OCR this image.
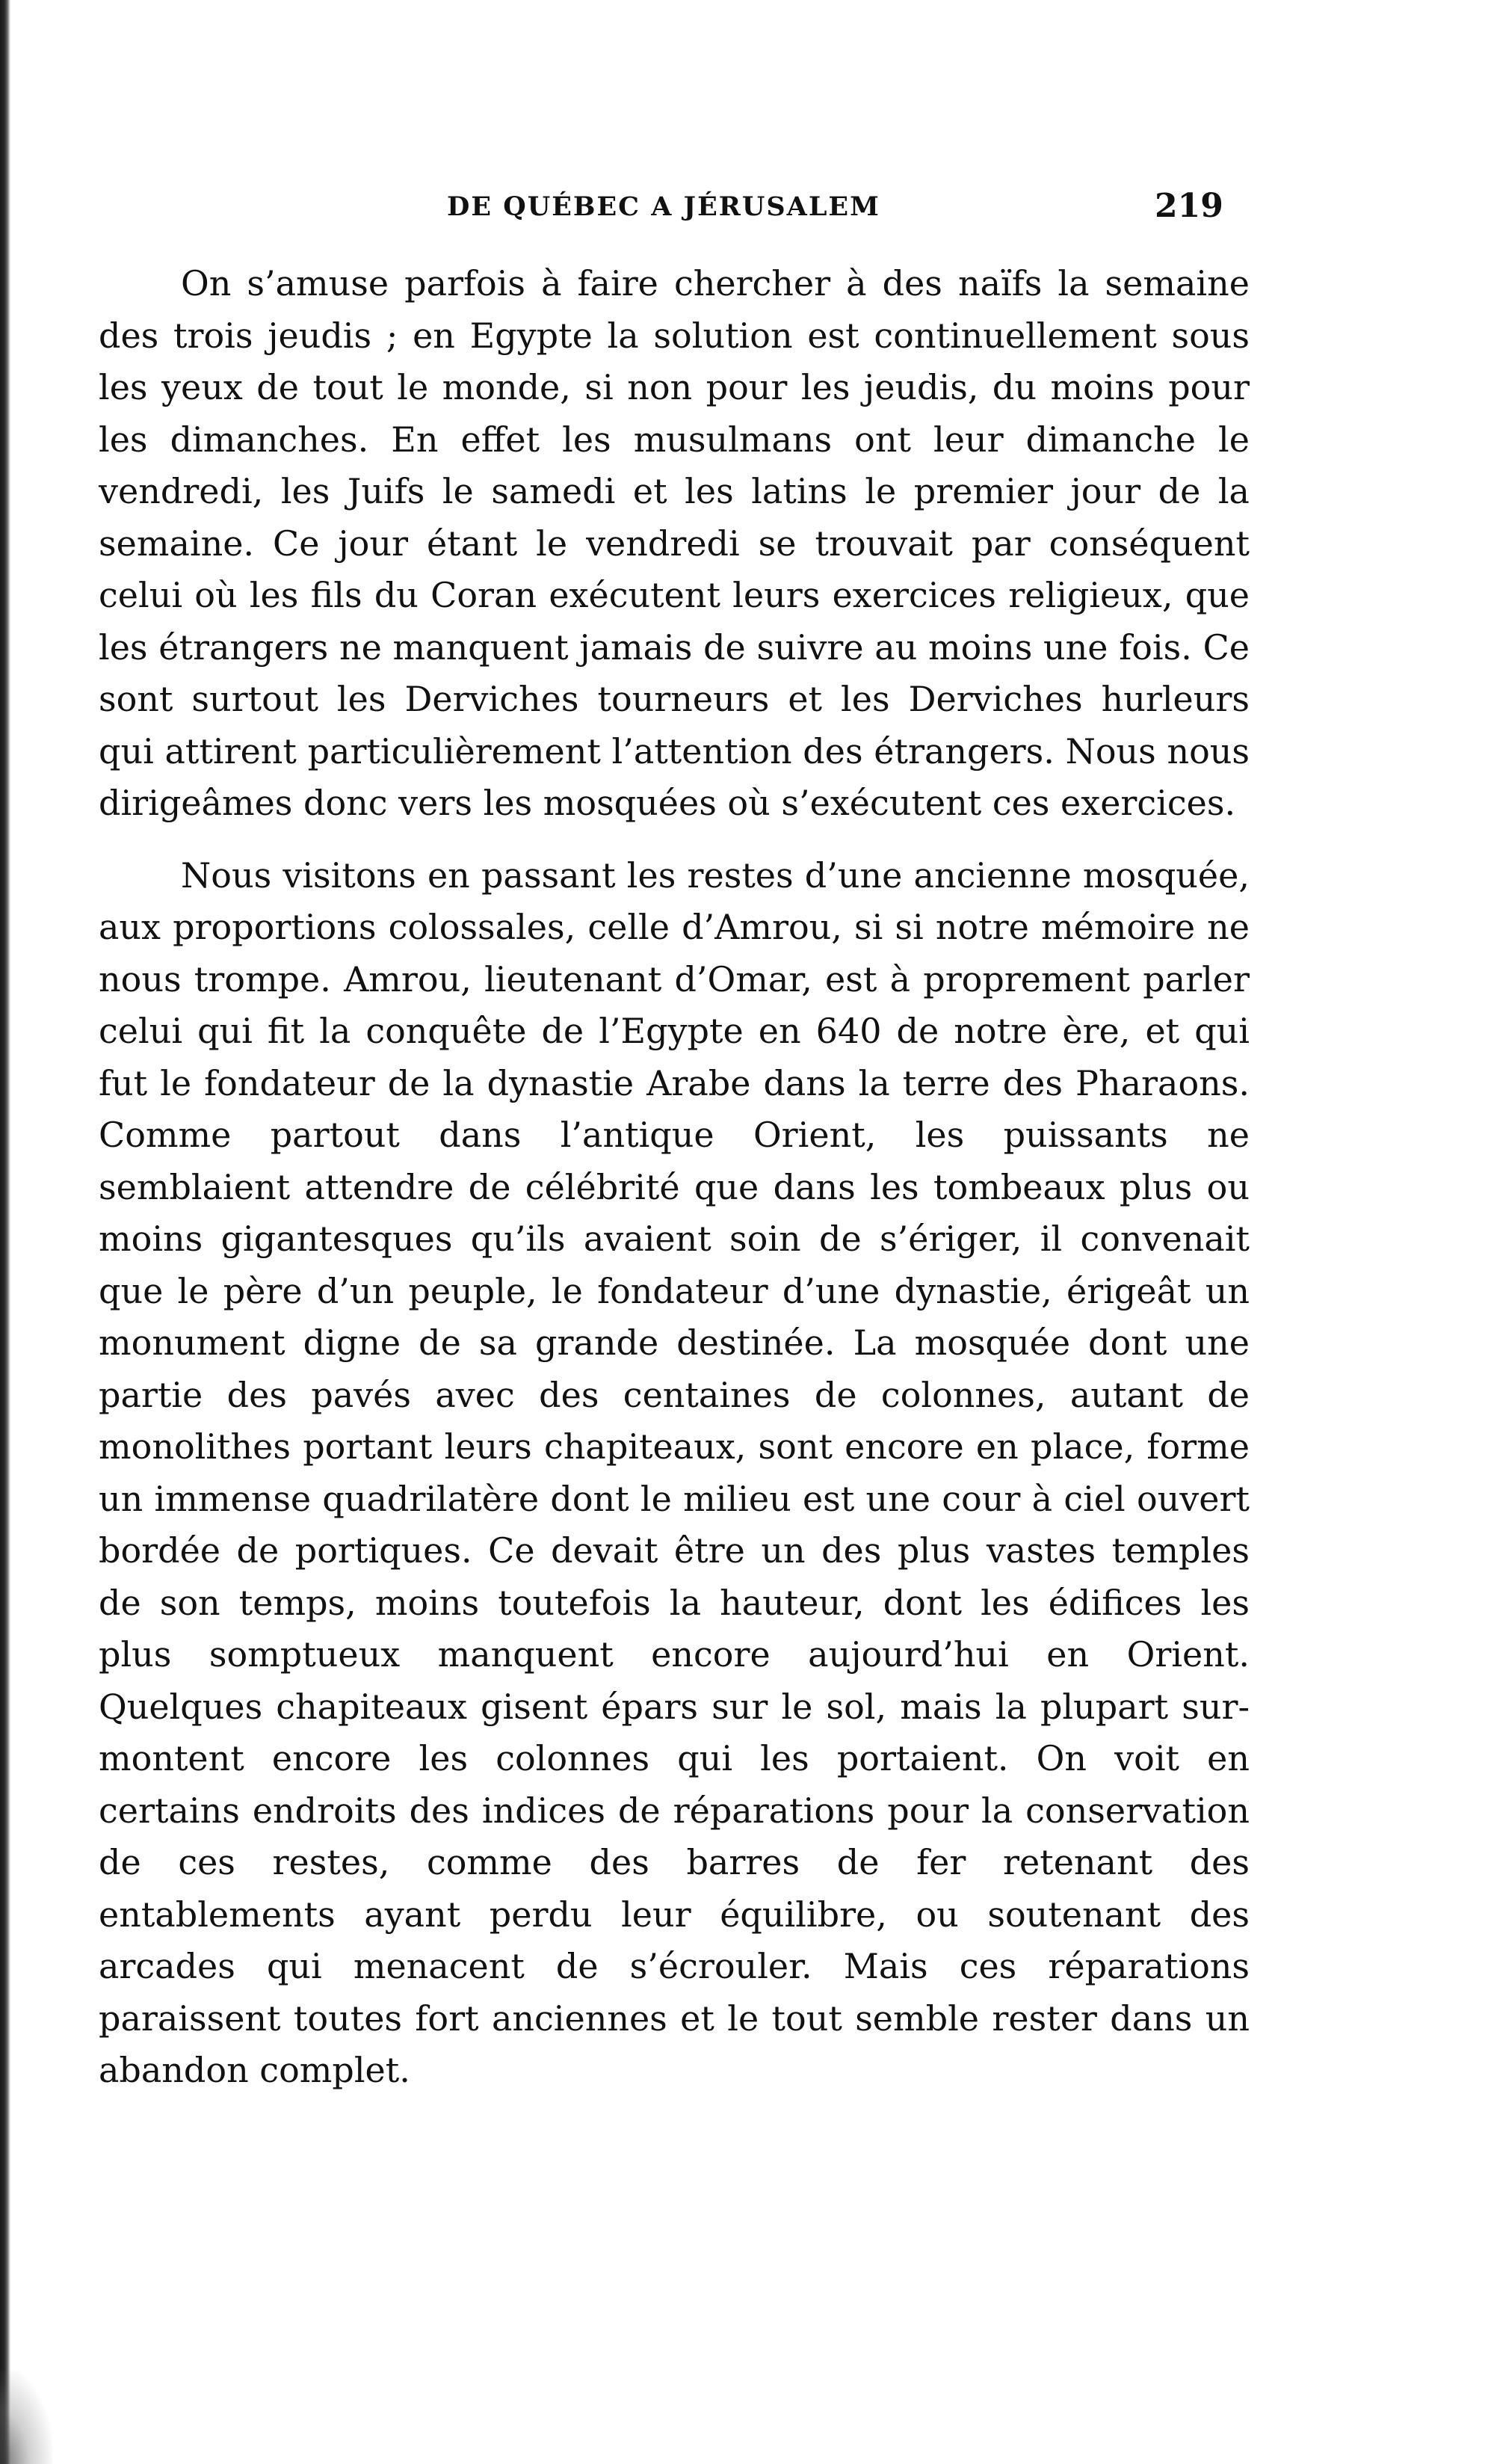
DE QUÉBEC A JÉRUSALEM	219

On s’amuse parfois à faire chercher à des naïfs la semaine des trois jeudis ; en Egypte la solution est continuellement sous les yeux de tout le monde, si non pour les jeudis, du moins pour les dimanches. En effet les musulmans ont leur dimanche le vendredi, les Juifs le samedi et les latins le premier jour de la semaine. Ce jour étant le vendredi se trouvait par conséquent celui où les fils du Coran exécutent leurs exercices religieux, que les étrangers ne manquent jamais de suivre au moins une fois. Ce sont surtout les Derviches tourneurs et les Derviches hurleurs qui attirent particulièrement l’attention des étrangers. Nous nous dirigeâmes donc vers les mosquées où s’exécutent ces exercices.

Nous visitons en passant les restes d’une ancienne mosquée, aux proportions colossales, celle d’Amrou, si si notre mémoire ne nous trompe. Amrou, lieutenant d’Omar, est à proprement parler celui qui fit la conquête de l’Egypte en 640 de notre ère, et qui fut le fondateur de la dynastie Arabe dans la terre des Pharaons. Comme partout dans l’antique Orient, les puissants ne semblaient attendre de célébrité que dans les tombeaux plus ou moins gigantesques qu’ils avaient soin de s’ériger, il convenait que le père d’un peuple, le fondateur d’une dynastie, érigeât un monument digne de sa grande destinée. La mosquée dont une partie des pavés avec des centaines de colonnes, autant de monolithes portant leurs chapiteaux, sont encore en place, forme un immense quadrilatère dont le milieu est une cour à ciel ouvert bordée de portiques. Ce devait être un des plus vastes temples de son temps, moins toutefois la hauteur, dont les édifices les plus somptueux manquent encore aujourd’hui en Orient. Quelques chapiteaux gisent épars sur le sol, mais la plupart surmontent encore les colonnes qui les portaient. On voit en certains endroits des indices de réparations pour la conservation de ces restes, comme des barres de fer retenant des entablements ayant perdu leur équilibre, ou soutenant des arcades qui menacent de s’écrouler. Mais ces réparations paraissent toutes fort anciennes et le tout semble rester dans un abandon complet.
